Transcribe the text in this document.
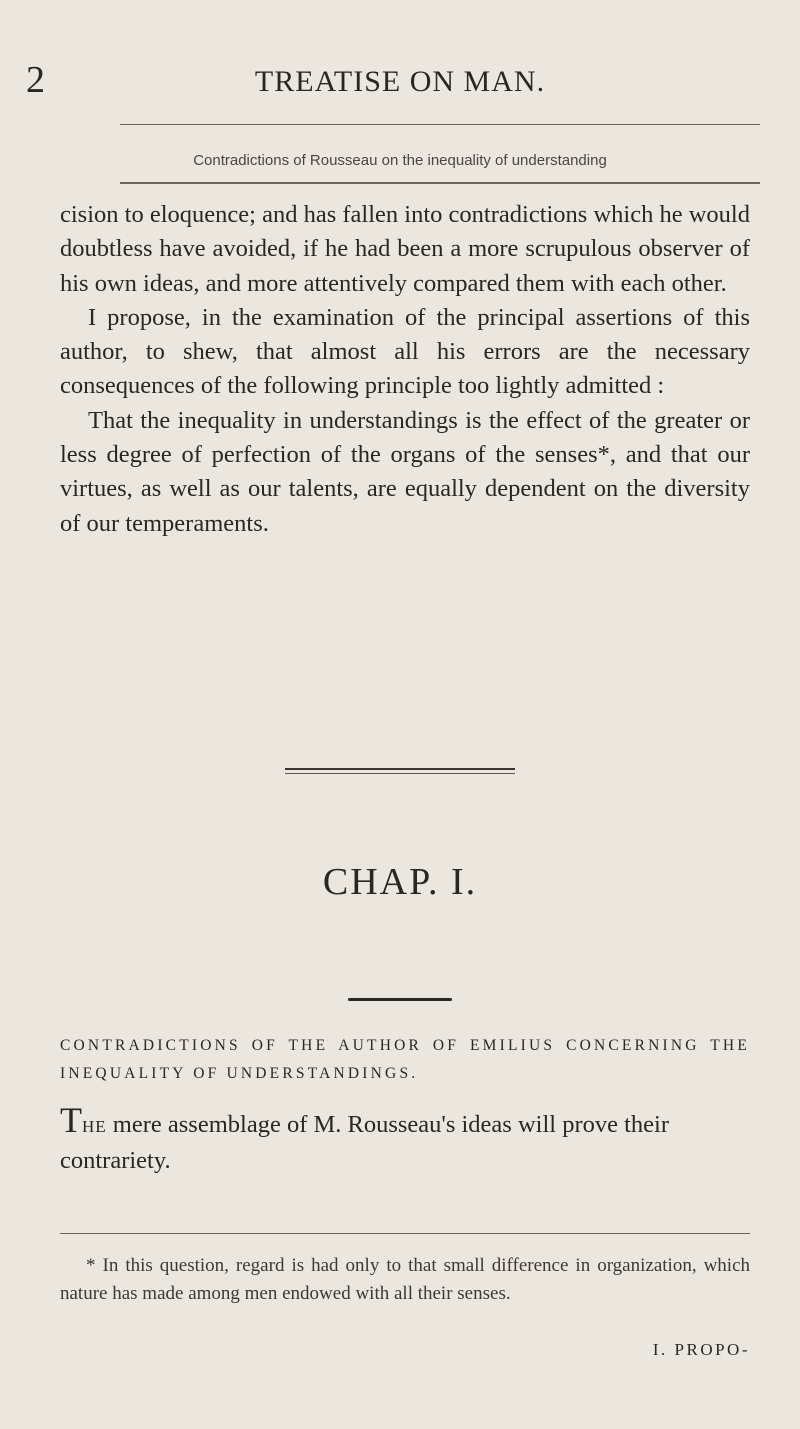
2	TREATISE ON MAN.
Contradictions of Rousseau on the inequality of understanding

cision to eloquence; and has fallen into contradictions which he would doubtless have avoided, if he had been a more scrupulous observer of his own ideas, and more attentively compared them with each other.

I propose, in the examination of the principal assertions of this author, to shew, that almost all his errors are the necessary consequences of the following principle too lightly admitted :

That the inequality in understandings is the effect of the greater or less degree of perfection of the organs of the senses*, and that our virtues, as well as our talents, are equally dependent on the diversity of our temperaments.

CHAP. I.

CONTRADICTIONS OF THE AUTHOR OF EMILIUS CONCERNING THE INEQUALITY OF UNDERSTANDINGS.

THE mere assemblage of M. Rousseau's ideas will prove their contrariety.

* In this question, regard is had only to that small difference in organization, which nature has made among men endowed with all their senses.

I. PROPO-
